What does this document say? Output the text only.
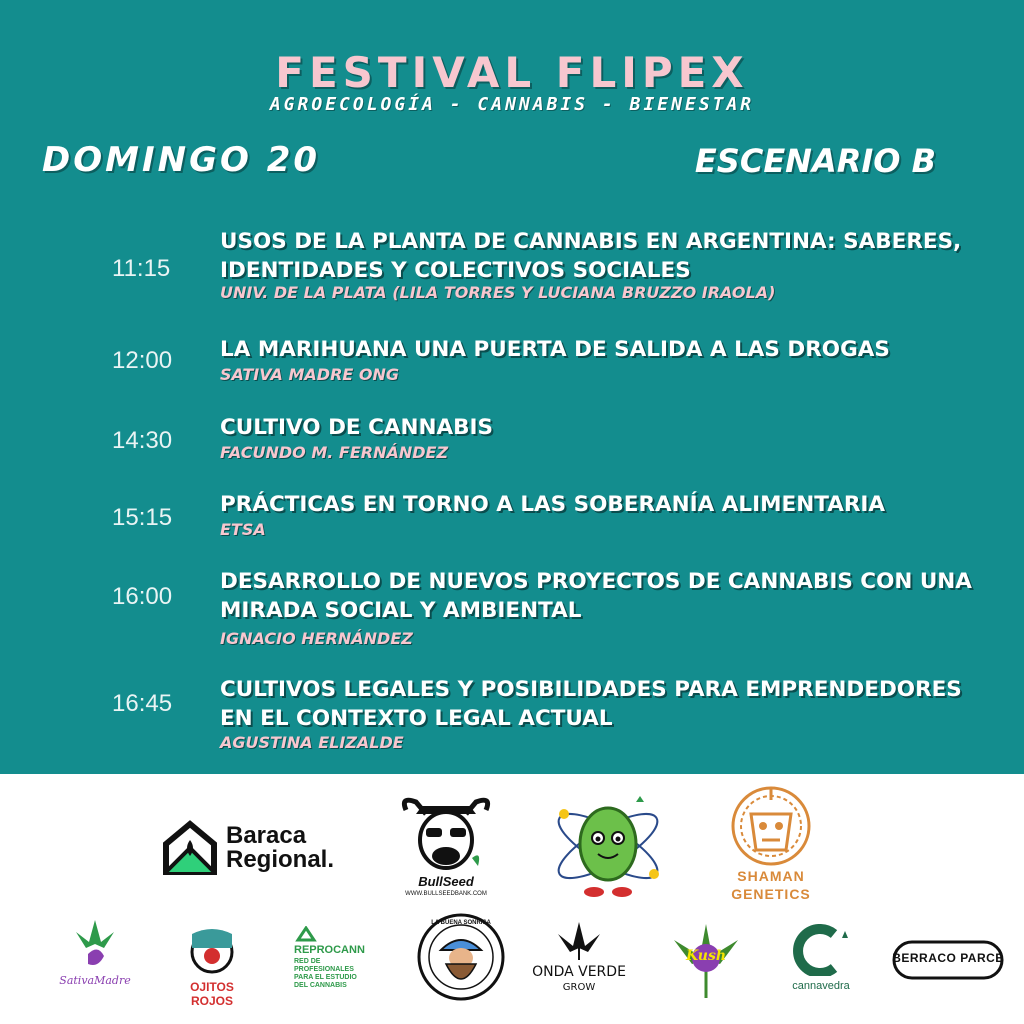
FESTIVAL FLIPEX
AGROECOLOGÍA - CANNABIS - BIENESTAR
DOMINGO 20	ESCENARIO B
11:15
USOS DE LA PLANTA DE CANNABIS EN ARGENTINA: SABERES, IDENTIDADES Y COLECTIVOS SOCIALES
UNIV. DE LA PLATA (LILA TORRES Y LUCIANA BRUZZO IRAOLA)
12:00 LA MARIHUANA UNA PUERTA DE SALIDA A LAS DROGAS
SATIVA MADRE ONG
14:30 CULTIVO DE CANNABIS
FACUNDO M. FERNÁNDEZ
15:15 PRÁCTICAS EN TORNO A LAS SOBERANÍA ALIMENTARIA
ETSA
16:00
DESARROLLO DE NUEVOS PROYECTOS DE CANNABIS CON UNA MIRADA SOCIAL Y AMBIENTAL
IGNACIO HERNÁNDEZ
16:45
CULTIVOS LEGALES Y POSIBILIDADES PARA EMPRENDEDORES EN EL CONTEXTO LEGAL ACTUAL
AGUSTINA ELIZALDE
Baraca
Regional.
BullSeed
WWW.BULLSEEDBANK.COM
SHAMAN
GENETICS
SativaMadre	OJITOS ROJOS
REPROCANN
RED DE
PROFESIONALES
PARA EL ESTUDIO
DEL CANNABIS
LA BUENA SONRISA
ONDA VERDE
GROW
Kush
cannavedra
BERRACO PARCE
